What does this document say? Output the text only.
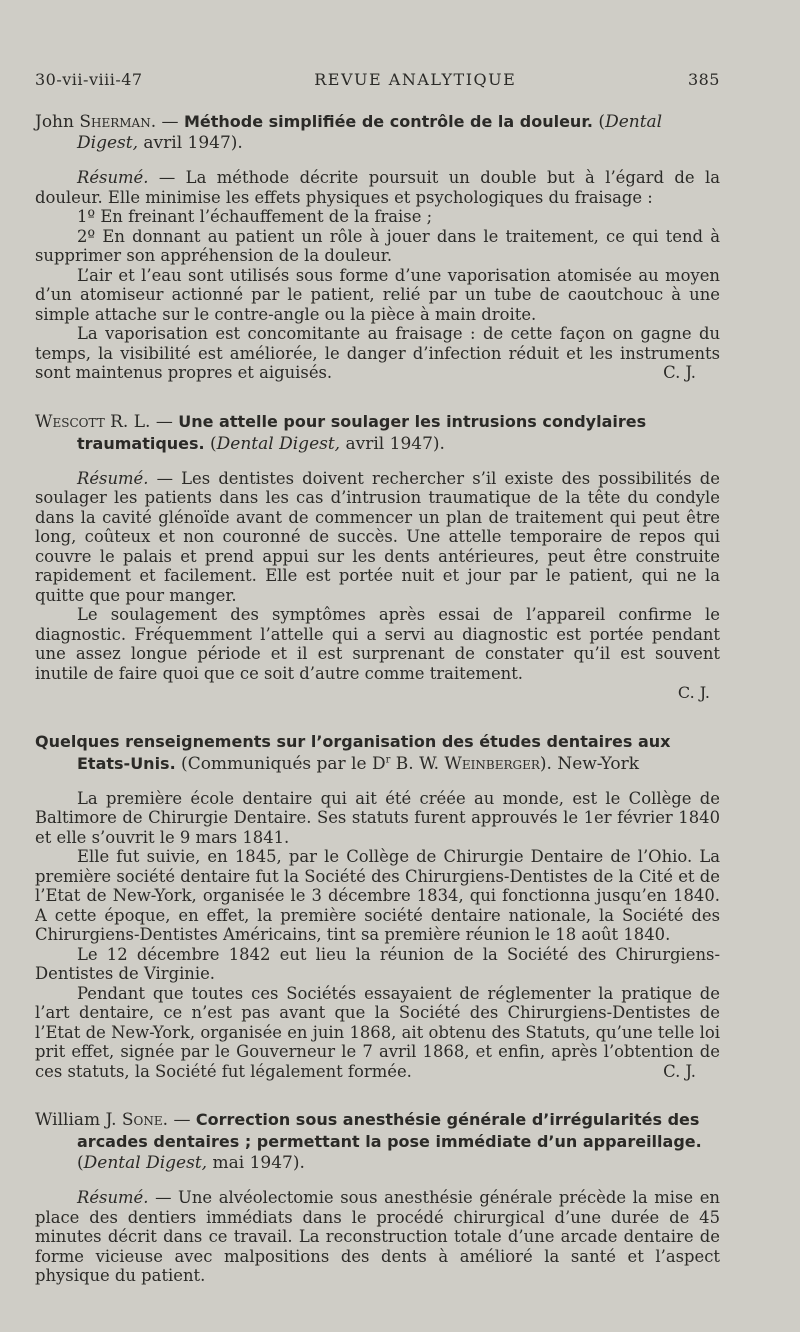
30-vii-viii-47	REVUE ANALYTIQUE	385

John Sherman. — Méthode simplifiée de contrôle de la douleur. (Dental Digest, avril 1947).

Résumé. — La méthode décrite poursuit un double but à l’égard de la douleur. Elle minimise les effets physiques et psychologiques du fraisage :

1º En freinant l’échauffement de la fraise ;

2º En donnant au patient un rôle à jouer dans le traitement, ce qui tend à supprimer son appréhension de la douleur.

L’air et l’eau sont utilisés sous forme d’une vaporisation atomisée au moyen d’un atomiseur actionné par le patient, relié par un tube de caoutchouc à une simple attache sur le contre-angle ou la pièce à main droite.

La vaporisation est concomitante au fraisage : de cette façon on gagne du temps, la visibilité est améliorée, le danger d’infection réduit et les instruments sont maintenus propres et aiguisés.	C. J.

Wescott R. L. — Une attelle pour soulager les intrusions condylaires traumatiques. (Dental Digest, avril 1947).

Résumé. — Les dentistes doivent rechercher s’il existe des possibilités de soulager les patients dans les cas d’intrusion traumatique de la tête du condyle dans la cavité glénoïde avant de commencer un plan de traitement qui peut être long, coûteux et non couronné de succès. Une attelle temporaire de repos qui couvre le palais et prend appui sur les dents antérieures, peut être construite rapidement et facilement. Elle est portée nuit et jour par le patient, qui ne la quitte que pour manger.

Le soulagement des symptômes après essai de l’appareil confirme le diagnostic. Fréquemment l’attelle qui a servi au diagnostic est portée pendant une assez longue période et il est surprenant de constater qu’il est souvent inutile de faire quoi que ce soit d’autre comme traitement.

C. J.

Quelques renseignements sur l’organisation des études dentaires aux Etats-Unis. (Communiqués par le $D^r$ B. W. Weinberger). New-York

La première école dentaire qui ait été créée au monde, est le Collège de Baltimore de Chirurgie Dentaire. Ses statuts furent approuvés le 1er février 1840 et elle s’ouvrit le 9 mars 1841.

Elle fut suivie, en 1845, par le Collège de Chirurgie Dentaire de l’Ohio. La première société dentaire fut la Société des Chirurgiens-Dentistes de la Cité et de l’Etat de New-York, organisée le 3 décembre 1834, qui fonctionna jusqu’en 1840. A cette époque, en effet, la première société dentaire nationale, la Société des Chirurgiens-Dentistes Américains, tint sa première réunion le 18 août 1840.

Le 12 décembre 1842 eut lieu la réunion de la Société des Chirurgiens-Dentistes de Virginie.

Pendant que toutes ces Sociétés essayaient de réglementer la pratique de l’art dentaire, ce n’est pas avant que la Société des Chirurgiens-Dentistes de l’Etat de New-York, organisée en juin 1868, ait obtenu des Statuts, qu’une telle loi prit effet, signée par le Gouverneur le 7 avril 1868, et enfin, après l’obtention de ces statuts, la Société fut légalement formée.	C. J.

William J. Sone. — Correction sous anesthésie générale d’irrégularités des arcades dentaires ; permettant la pose immédiate d’un appareillage. (Dental Digest, mai 1947).

Résumé. — Une alvéolectomie sous anesthésie générale précède la mise en place des dentiers immédiats dans le procédé chirurgical d’une durée de 45 minutes décrit dans ce travail. La reconstruction totale d’une arcade dentaire de forme vicieuse avec malpositions des dents à amélioré la santé et l’aspect physique du patient.
